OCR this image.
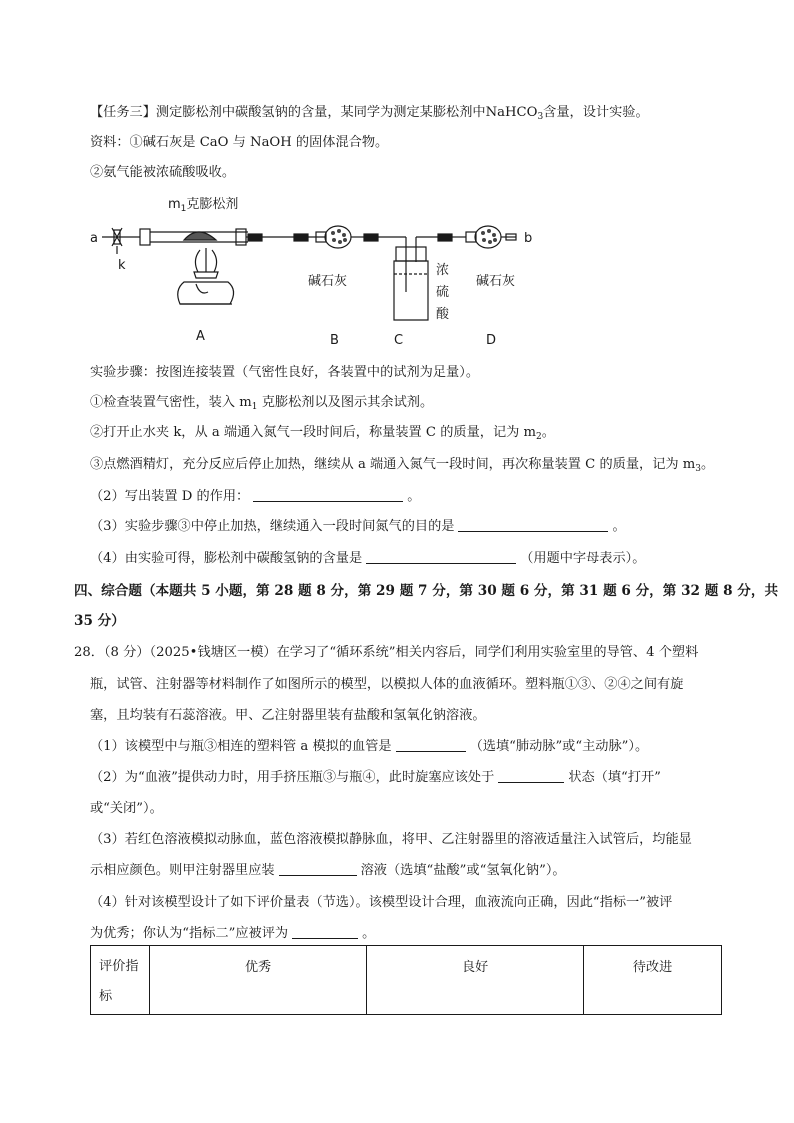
【任务三】测定膨松剂中碳酸氢钠的含量，某同学为测定某膨松剂中NaHCO$_3$含量，设计实验。
资料：①碱石灰是 CaO 与 NaOH 的固体混合物。
②氨气能被浓硫酸吸收。
$m_1$克膨松剂
a	b
k
碱石灰	碱石灰
浓
硫
酸
A	B	C	D
实验步骤：按图连接装置（气密性良好，各装置中的试剂为足量）。
①检查装置气密性，装入 $m_1$ 克膨松剂以及图示其余试剂。
②打开止水夹 k，从 a 端通入氮气一段时间后，称量装置 C 的质量，记为 $m_2$。
③点燃酒精灯，充分反应后停止加热，继续从 a 端通入氮气一段时间，再次称量装置 C 的质量，记为 $m_3$。
（2）写出装置 D 的作用：	。
（3）实验步骤③中停止加热，继续通入一段时间氮气的目的是	。
（4）由实验可得，膨松剂中碳酸氢钠的含量是	（用题中字母表示）。
四、综合题（本题共 5 小题，第 28 题 8 分，第 29 题 7 分，第 30 题 6 分，第 31 题 6 分，第 32 题 8 分，共
35 分）
28．（8 分）（2025•钱塘区一模）在学习了“循环系统”相关内容后，同学们利用实验室里的导管、4 个塑料
瓶，试管、注射器等材料制作了如图所示的模型，以模拟人体的血液循环。塑料瓶①③、②④之间有旋
塞，且均装有石蕊溶液。甲、乙注射器里装有盐酸和氢氧化钠溶液。
（1）该模型中与瓶③相连的塑料管 a 模拟的血管是	（选填“肺动脉”或“主动脉”）。
（2）为“血液”提供动力时，用手挤压瓶③与瓶④，此时旋塞应该处于	状态（填“打开”
或“关闭”）。
（3）若红色溶液模拟动脉血，蓝色溶液模拟静脉血，将甲、乙注射器里的溶液适量注入试管后，均能显
示相应颜色。则甲注射器里应装	溶液（选填“盐酸”或“氢氧化钠”）。
（4）针对该模型设计了如下评价量表（节选）。该模型设计合理，血液流向正确，因此“指标一”被评
为优秀；你认为“指标二”应被评为	。
评价指标	优秀	良好	待改进
